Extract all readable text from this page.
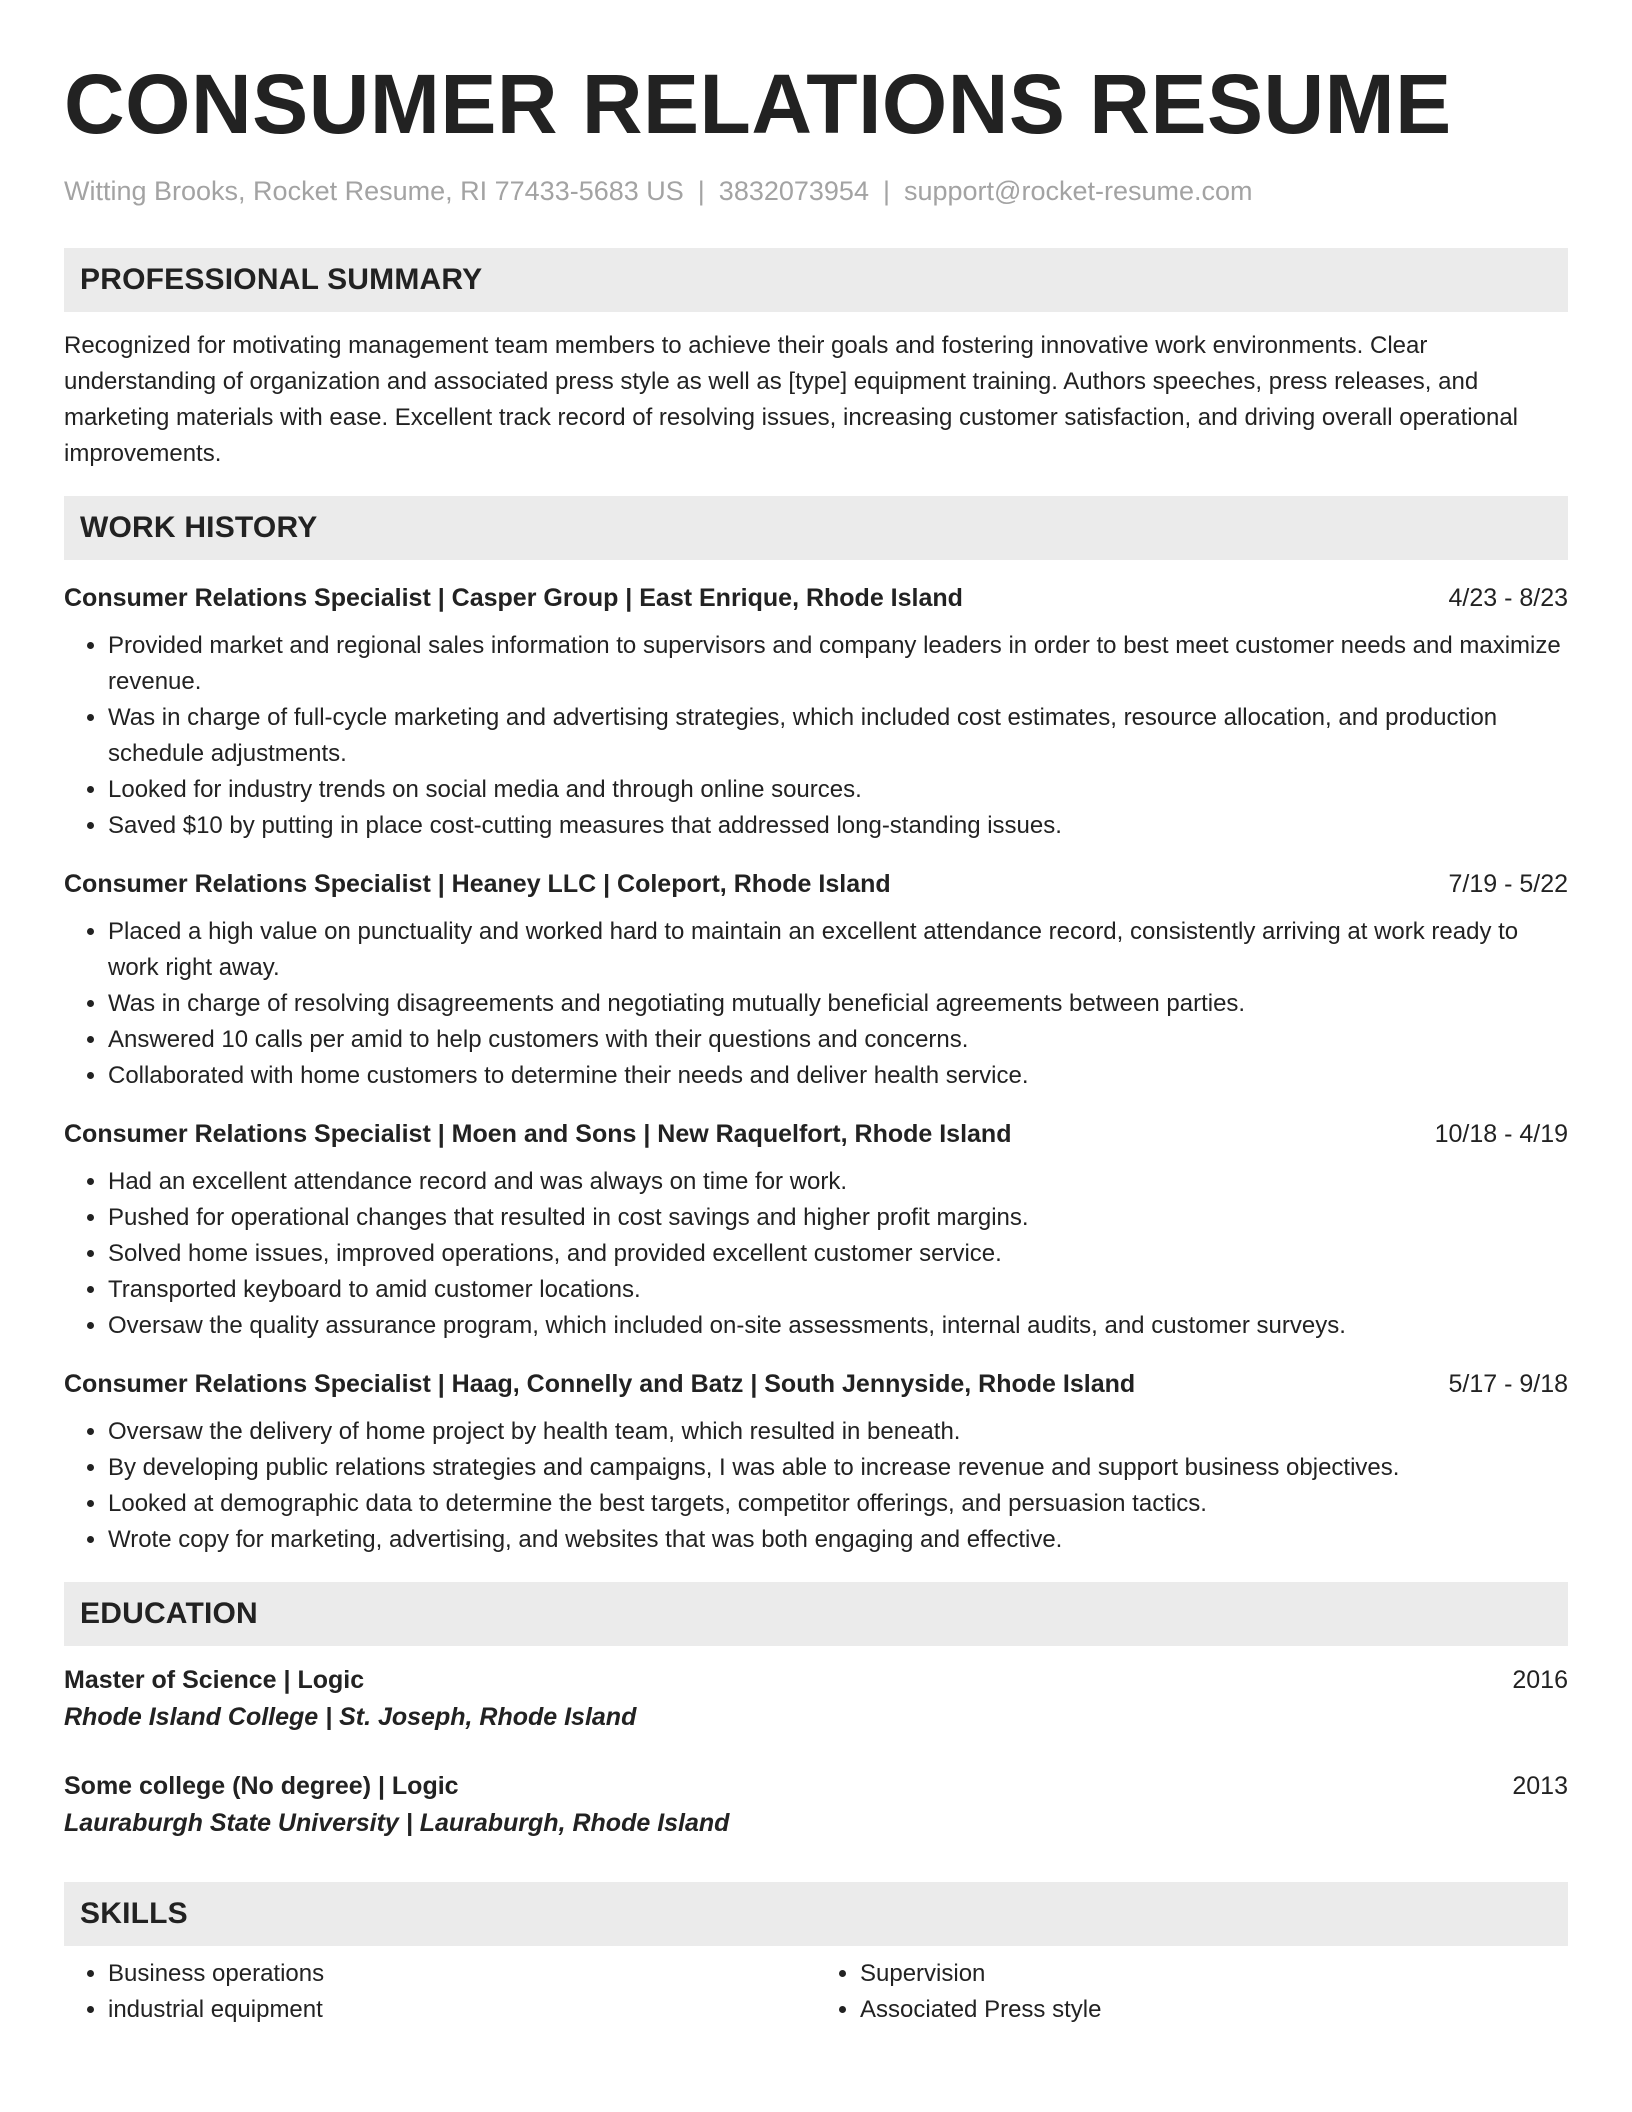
CONSUMER RELATIONS RESUME
Witting Brooks, Rocket Resume, RI 77433-5683 US | 3832073954 | support@rocket-resume.com
PROFESSIONAL SUMMARY

Recognized for motivating management team members to achieve their goals and fostering innovative work environments. Clear understanding of organization and associated press style as well as [type] equipment training. Authors speeches, press releases, and marketing materials with ease. Excellent track record of resolving issues, increasing customer satisfaction, and driving overall operational improvements.

WORK HISTORY
Consumer Relations Specialist | Casper Group | East Enrique, Rhode Island	4/23 - 8/23
• Provided market and regional sales information to supervisors and company leaders in order to best meet customer needs and maximize revenue.
• Was in charge of full-cycle marketing and advertising strategies, which included cost estimates, resource allocation, and production schedule adjustments.
• Looked for industry trends on social media and through online sources.
• Saved $10 by putting in place cost-cutting measures that addressed long-standing issues.
Consumer Relations Specialist | Heaney LLC | Coleport, Rhode Island	7/19 - 5/22
• Placed a high value on punctuality and worked hard to maintain an excellent attendance record, consistently arriving at work ready to work right away.
• Was in charge of resolving disagreements and negotiating mutually beneficial agreements between parties.
• Answered 10 calls per amid to help customers with their questions and concerns.
• Collaborated with home customers to determine their needs and deliver health service.
Consumer Relations Specialist | Moen and Sons | New Raquelfort, Rhode Island	10/18 - 4/19
• Had an excellent attendance record and was always on time for work.
• Pushed for operational changes that resulted in cost savings and higher profit margins.
• Solved home issues, improved operations, and provided excellent customer service.
• Transported keyboard to amid customer locations.
• Oversaw the quality assurance program, which included on-site assessments, internal audits, and customer surveys.
Consumer Relations Specialist | Haag, Connelly and Batz | South Jennyside, Rhode Island	5/17 - 9/18
• Oversaw the delivery of home project by health team, which resulted in beneath.
• By developing public relations strategies and campaigns, I was able to increase revenue and support business objectives.
• Looked at demographic data to determine the best targets, competitor offerings, and persuasion tactics.
• Wrote copy for marketing, advertising, and websites that was both engaging and effective.
EDUCATION
Master of Science | Logic	2016
Rhode Island College | St. Joseph, Rhode Island
Some college (No degree) | Logic	2013
Lauraburgh State University | Lauraburgh, Rhode Island
SKILLS
• Business operations
• industrial equipment
• Supervision
• Associated Press style
